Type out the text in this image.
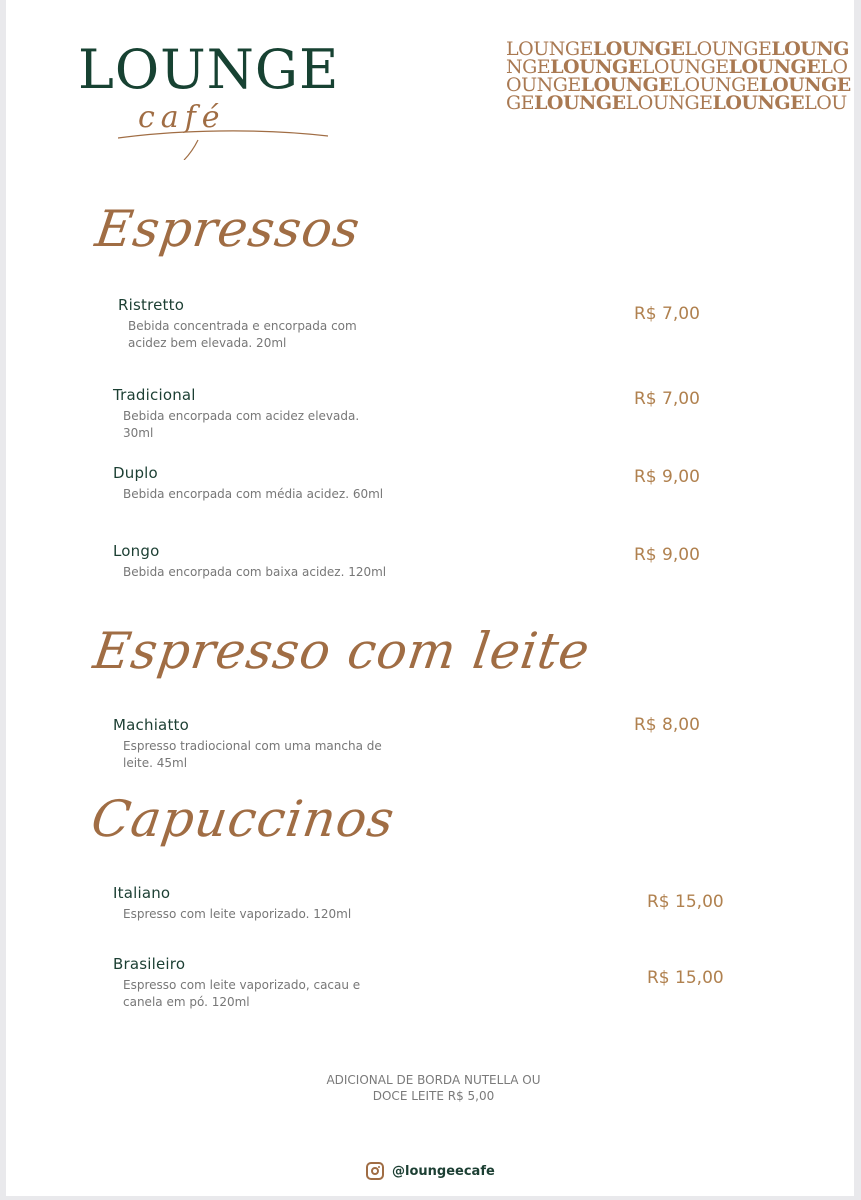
LOUNGE
café
LOUNGELOUNGELOUNGELOUNG
NGELOUNGELOUNGELOUNGELO
OUNGELOUNGELOUNGELOUNGE
GELOUNGELOUNGELOUNGELOU
Espressos
Ristretto
Bebida concentrada e encorpada com acidez bem elevada. 20ml
R$ 7,00
Tradicional
Bebida encorpada com acidez elevada. 30ml
R$ 7,00
Duplo
Bebida encorpada com média acidez. 60ml
R$ 9,00
Longo
Bebida encorpada com baixa acidez. 120ml
R$ 9,00
Espresso com leite
Machiatto
Espresso tradiocional com uma mancha de leite. 45ml
R$ 8,00
Capuccinos
Italiano
Espresso com leite vaporizado. 120ml
R$ 15,00
Brasileiro
Espresso com leite vaporizado, cacau e canela em pó. 120ml
R$ 15,00
ADICIONAL DE BORDA NUTELLA OU
DOCE LEITE R$ 5,00
@loungeecafe
